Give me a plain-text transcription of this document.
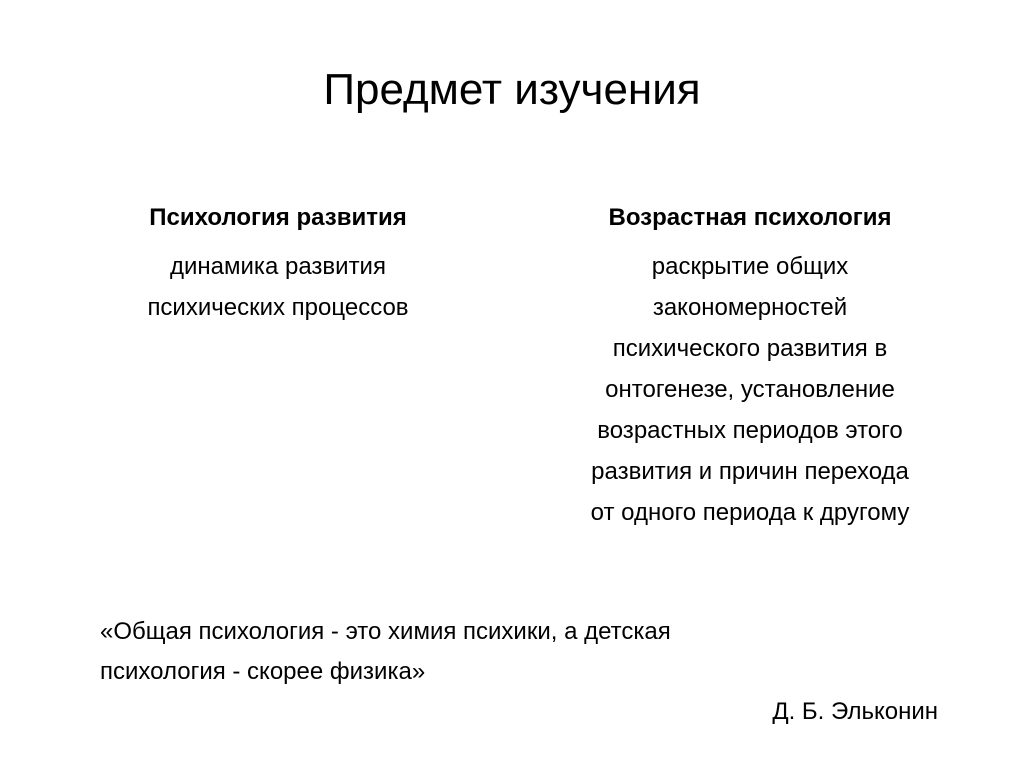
Предмет изучения
Психология развития

динамика развития
психических процессов

Возрастная психология

раскрытие общих
закономерностей
психического развития в
онтогенезе, установление
возрастных периодов этого
развития и причин перехода
от одного периода к другому

«Общая психология - это химия психики, а детская
психология - скорее физика»
Д. Б. Эльконин
